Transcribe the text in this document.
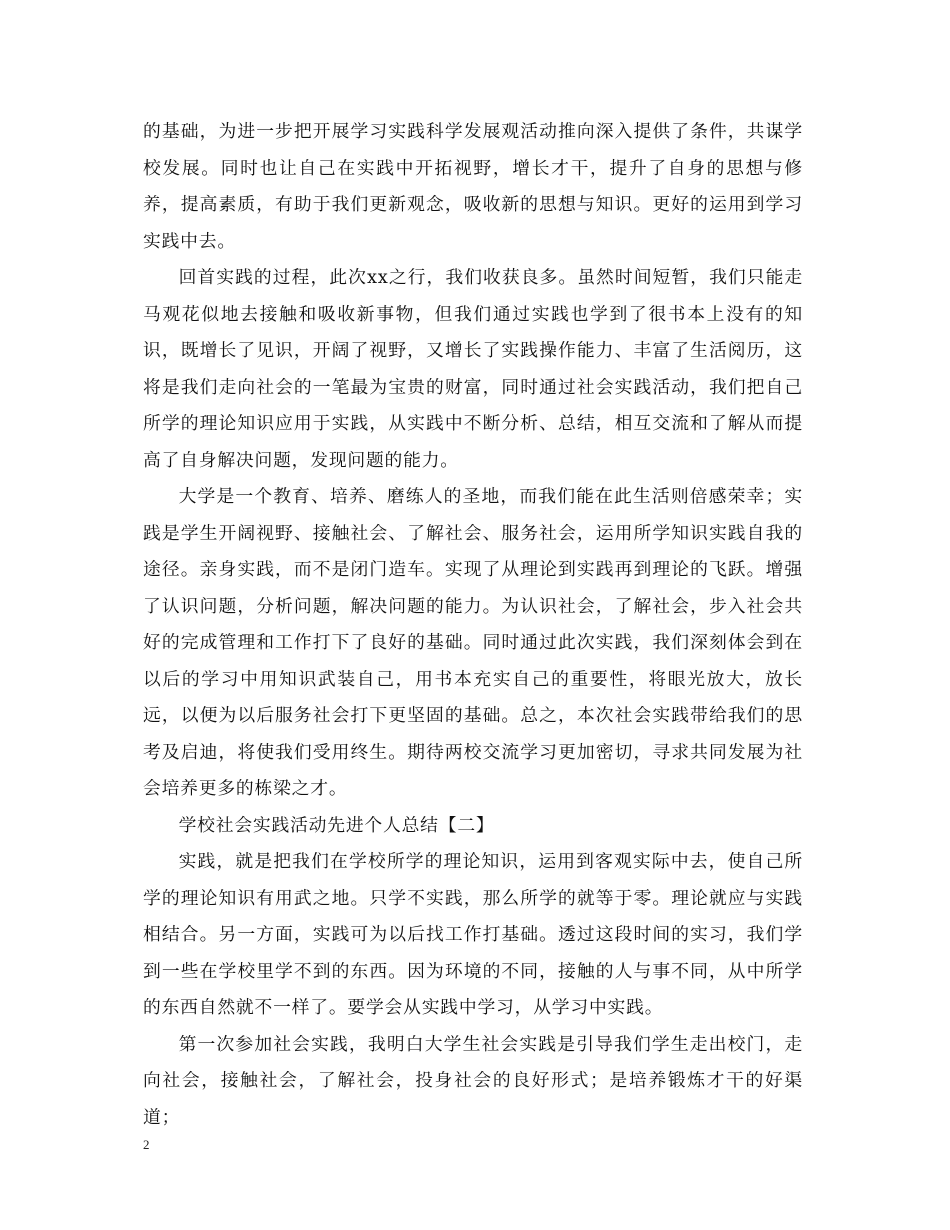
的基础，为进一步把开展学习实践科学发展观活动推向深入提供了条件，共谋学校发展。同时也让自己在实践中开拓视野，增长才干，提升了自身的思想与修养，提高素质，有助于我们更新观念，吸收新的思想与知识。更好的运用到学习实践中去。

回首实践的过程，此次xx之行，我们收获良多。虽然时间短暂，我们只能走马观花似地去接触和吸收新事物，但我们通过实践也学到了很书本上没有的知识，既增长了见识，开阔了视野，又增长了实践操作能力、丰富了生活阅历，这将是我们走向社会的一笔最为宝贵的财富，同时通过社会实践活动，我们把自己所学的理论知识应用于实践，从实践中不断分析、总结，相互交流和了解从而提高了自身解决问题，发现问题的能力。

大学是一个教育、培养、磨练人的圣地，而我们能在此生活则倍感荣幸；实践是学生开阔视野、接触社会、了解社会、服务社会，运用所学知识实践自我的途径。亲身实践，而不是闭门造车。实现了从理论到实践再到理论的飞跃。增强了认识问题，分析问题，解决问题的能力。为认识社会，了解社会，步入社会共好的完成管理和工作打下了良好的基础。同时通过此次实践，我们深刻体会到在以后的学习中用知识武装自己，用书本充实自己的重要性，将眼光放大，放长远，以便为以后服务社会打下更坚固的基础。总之，本次社会实践带给我们的思考及启迪，将使我们受用终生。期待两校交流学习更加密切，寻求共同发展为社会培养更多的栋梁之才。

学校社会实践活动先进个人总结【二】

实践，就是把我们在学校所学的理论知识，运用到客观实际中去，使自己所学的理论知识有用武之地。只学不实践，那么所学的就等于零。理论就应与实践相结合。另一方面，实践可为以后找工作打基础。透过这段时间的实习，我们学到一些在学校里学不到的东西。因为环境的不同，接触的人与事不同，从中所学的东西自然就不一样了。要学会从实践中学习，从学习中实践。

第一次参加社会实践，我明白大学生社会实践是引导我们学生走出校门，走向社会，接触社会，了解社会，投身社会的良好形式；是培养锻炼才干的好渠道；

2
